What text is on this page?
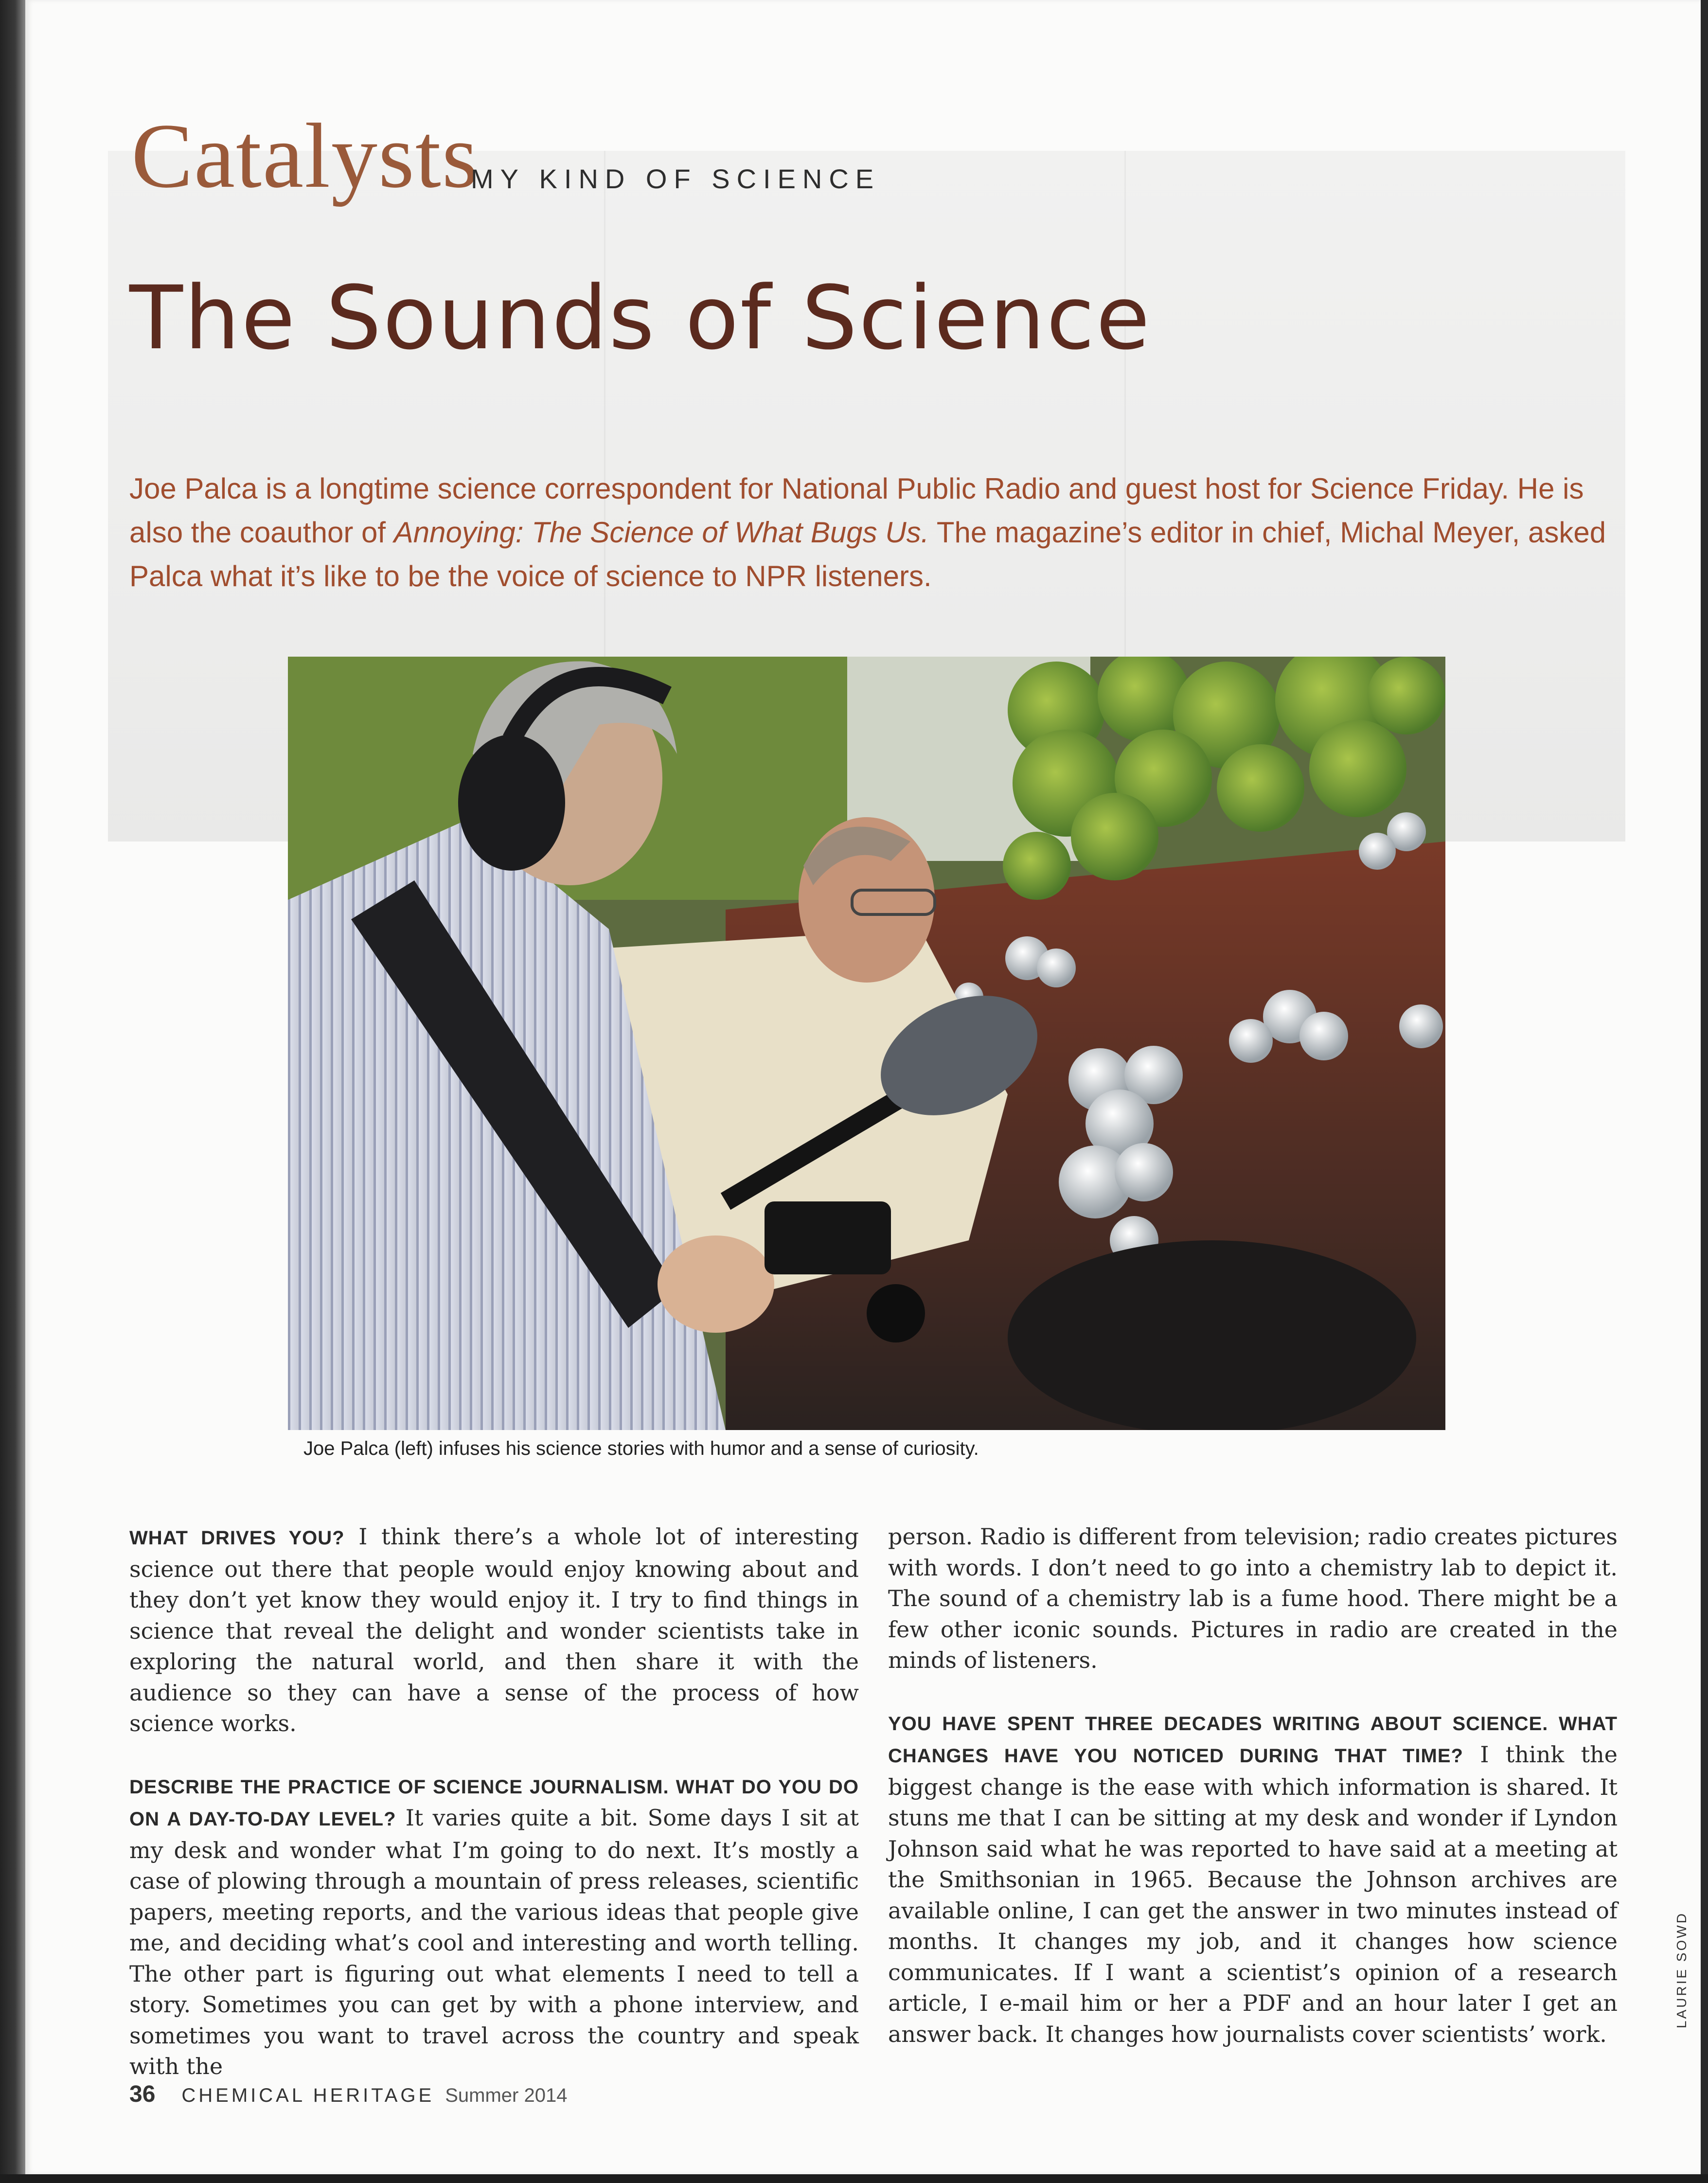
Catalysts
MY KIND OF SCIENCE
The Sounds of Science
Joe Palca is a longtime science correspondent for National Public Radio and guest host for Science Friday. He is also the coauthor of Annoying: The Science of What Bugs Us. The magazine’s editor in chief, Michal Meyer, asked Palca what it’s like to be the voice of science to NPR listeners.
Joe Palca (left) infuses his science stories with humor and a sense of curiosity.

WHAT DRIVES YOU? I think there’s a whole lot of interesting science out there that people would enjoy knowing about and they don’t yet know they would enjoy it. I try to find things in science that reveal the delight and wonder scientists take in exploring the natural world, and then share it with the audience so they can have a sense of the process of how science works.

DESCRIBE THE PRACTICE OF SCIENCE JOURNALISM. WHAT DO YOU DO ON A DAY-TO-DAY LEVEL? It varies quite a bit. Some days I sit at my desk and wonder what I’m going to do next. It’s mostly a case of plowing through a mountain of press releases, scientific papers, meeting reports, and the various ideas that people give me, and deciding what’s cool and interesting and worth telling. The other part is figuring out what elements I need to tell a story. Sometimes you can get by with a phone interview, and sometimes you want to travel across the country and speak with the

person. Radio is different from television; radio creates pictures with words. I don’t need to go into a chemistry lab to depict it. The sound of a chemistry lab is a fume hood. There might be a few other iconic sounds. Pictures in radio are created in the minds of listeners.

YOU HAVE SPENT THREE DECADES WRITING ABOUT SCIENCE. WHAT CHANGES HAVE YOU NOTICED DURING THAT TIME? I think the biggest change is the ease with which information is shared. It stuns me that I can be sitting at my desk and wonder if Lyndon Johnson said what he was reported to have said at a meeting at the Smithsonian in 1965. Because the Johnson archives are available online, I can get the answer in two minutes instead of months. It changes my job, and it changes how science communicates. If I want a scientist’s opinion of a research article, I e-mail him or her a PDF and an hour later I get an answer back. It changes how journalists cover scientists’ work.

36 CHEMICAL HERITAGE Summer 2014
LAURIE SOWD
